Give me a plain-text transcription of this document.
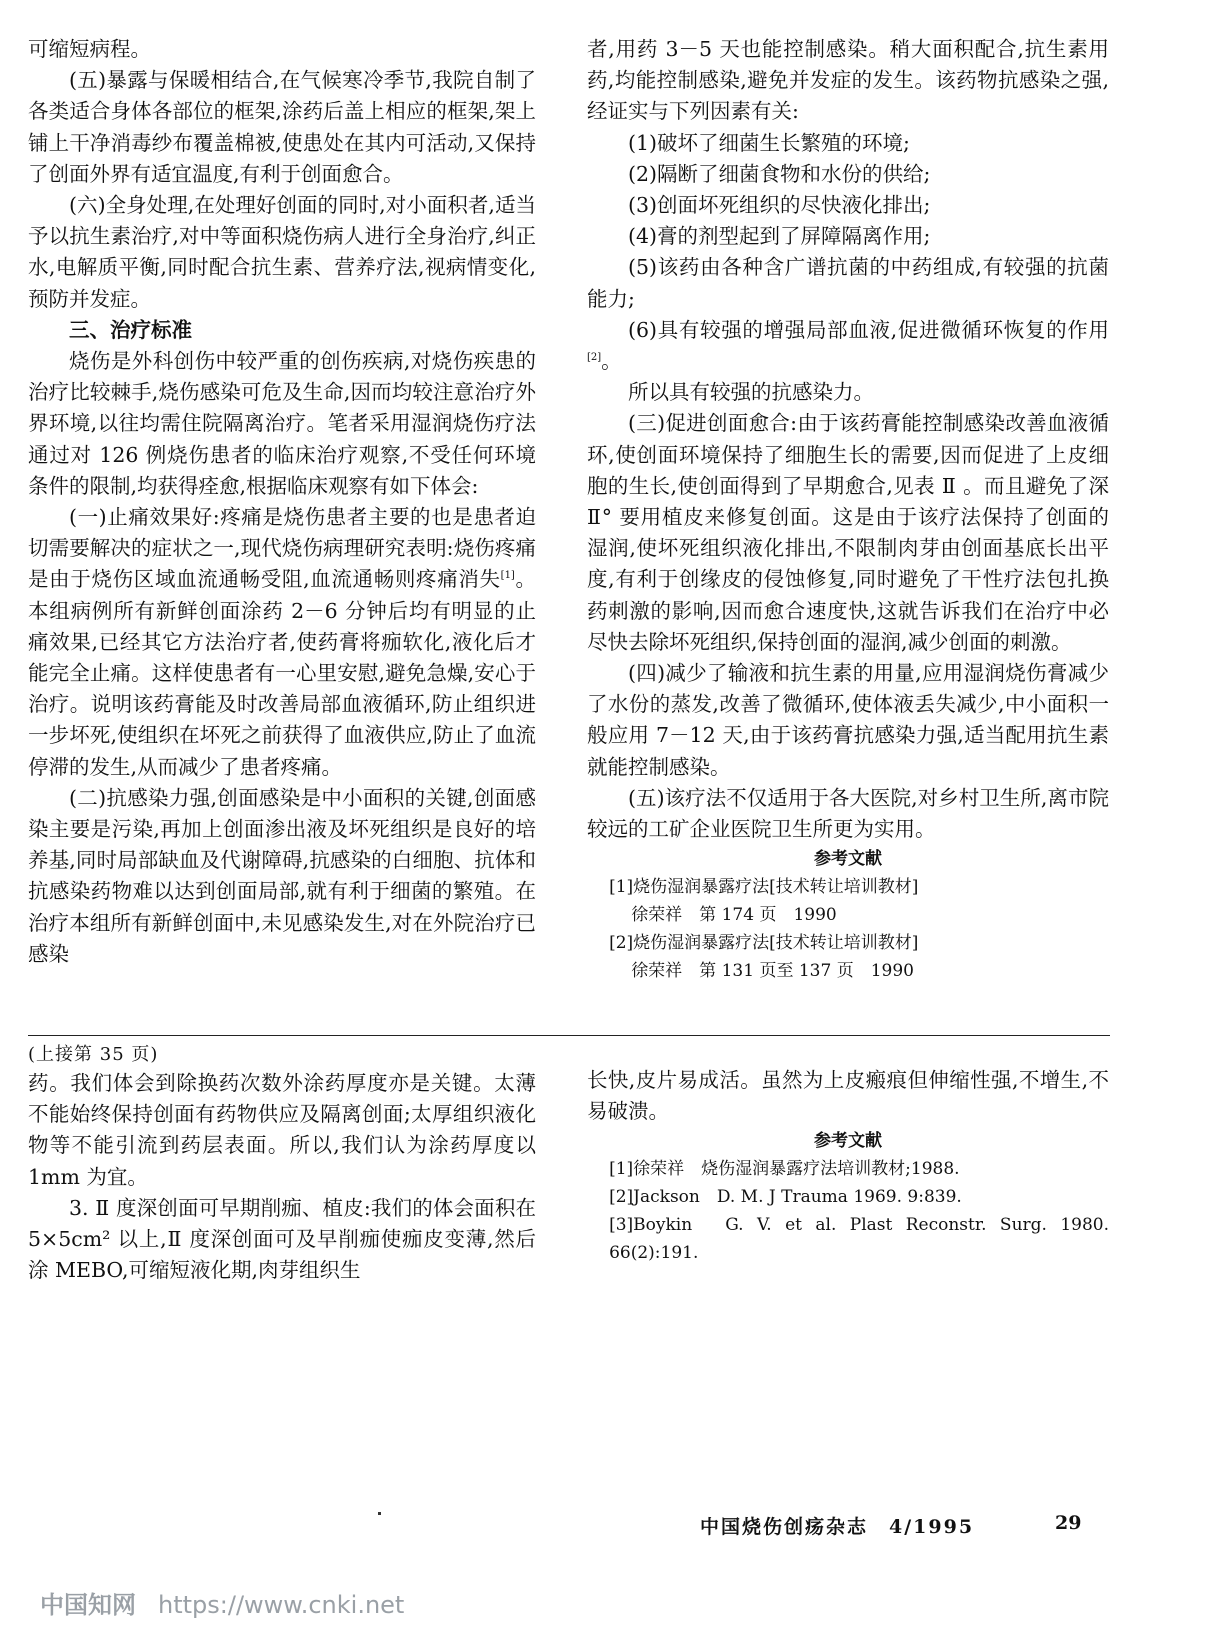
可缩短病程。

(五)暴露与保暖相结合,在气候寒冷季节,我院自制了各类适合身体各部位的框架,涂药后盖上相应的框架,架上铺上干净消毒纱布覆盖棉被,使患处在其内可活动,又保持了创面外界有适宜温度,有利于创面愈合。

(六)全身处理,在处理好创面的同时,对小面积者,适当予以抗生素治疗,对中等面积烧伤病人进行全身治疗,纠正水,电解质平衡,同时配合抗生素、营养疗法,视病情变化,预防并发症。

三、治疗标准

烧伤是外科创伤中较严重的创伤疾病,对烧伤疾患的治疗比较棘手,烧伤感染可危及生命,因而均较注意治疗外界环境,以往均需住院隔离治疗。笔者采用湿润烧伤疗法通过对 126 例烧伤患者的临床治疗观察,不受任何环境条件的限制,均获得痊愈,根据临床观察有如下体会:

(一)止痛效果好:疼痛是烧伤患者主要的也是患者迫切需要解决的症状之一,现代烧伤病理研究表明:烧伤疼痛是由于烧伤区域血流通畅受阻,血流通畅则疼痛消失[1]。本组病例所有新鲜创面涂药 2－6 分钟后均有明显的止痛效果,已经其它方法治疗者,使药膏将痂软化,液化后才能完全止痛。这样使患者有一心里安慰,避免急燥,安心于治疗。说明该药膏能及时改善局部血液循环,防止组织进一步坏死,使组织在坏死之前获得了血液供应,防止了血流停滞的发生,从而减少了患者疼痛。

(二)抗感染力强,创面感染是中小面积的关键,创面感染主要是污染,再加上创面渗出液及坏死组织是良好的培养基,同时局部缺血及代谢障碍,抗感染的白细胞、抗体和抗感染药物难以达到创面局部,就有利于细菌的繁殖。在治疗本组所有新鲜创面中,未见感染发生,对在外院治疗已感染

者,用药 3－5 天也能控制感染。稍大面积配合,抗生素用药,均能控制感染,避免并发症的发生。该药物抗感染之强,经证实与下列因素有关:

(1)破坏了细菌生长繁殖的环境;

(2)隔断了细菌食物和水份的供给;

(3)创面坏死组织的尽快液化排出;

(4)膏的剂型起到了屏障隔离作用;

(5)该药由各种含广谱抗菌的中药组成,有较强的抗菌能力;

(6)具有较强的增强局部血液,促进微循环恢复的作用[2]。

所以具有较强的抗感染力。

(三)促进创面愈合:由于该药膏能控制感染改善血液循环,使创面环境保持了细胞生长的需要,因而促进了上皮细胞的生长,使创面得到了早期愈合,见表 Ⅱ 。而且避免了深 Ⅱ° 要用植皮来修复创面。这是由于该疗法保持了创面的湿润,使坏死组织液化排出,不限制肉芽由创面基底长出平度,有利于创缘皮的侵蚀修复,同时避免了干性疗法包扎换药刺激的影响,因而愈合速度快,这就告诉我们在治疗中必尽快去除坏死组织,保持创面的湿润,减少创面的刺激。

(四)减少了输液和抗生素的用量,应用湿润烧伤膏减少了水份的蒸发,改善了微循环,使体液丢失减少,中小面积一般应用 7－12 天,由于该药膏抗感染力强,适当配用抗生素就能控制感染。

(五)该疗法不仅适用于各大医院,对乡村卫生所,离市院较远的工矿企业医院卫生所更为实用。

参考文献

[1]烧伤湿润暴露疗法[技术转让培训教材]

徐荣祥　第 174 页　1990

[2]烧伤湿润暴露疗法[技术转让培训教材]

徐荣祥　第 131 页至 137 页　1990

(上接第 35 页)

药。我们体会到除换药次数外涂药厚度亦是关键。太薄不能始终保持创面有药物供应及隔离创面;太厚组织液化物等不能引流到药层表面。所以,我们认为涂药厚度以 1mm 为宜。

3. Ⅱ 度深创面可早期削痂、植皮:我们的体会面积在 5×5cm² 以上,Ⅱ 度深创面可及早削痂使痂皮变薄,然后涂 MEBO,可缩短液化期,肉芽组织生

长快,皮片易成活。虽然为上皮瘢痕但伸缩性强,不增生,不易破溃。

参考文献

[1]徐荣祥　烧伤湿润暴露疗法培训教材;1988.

[2]Jackson　D. M. J Trauma 1969. 9:839.

[3]Boykin　G. V. et al. Plast Reconstr. Surg. 1980. 66(2):191.

中国烧伤创疡杂志　4/1995	29
中国知网 https://www.cnki.net
